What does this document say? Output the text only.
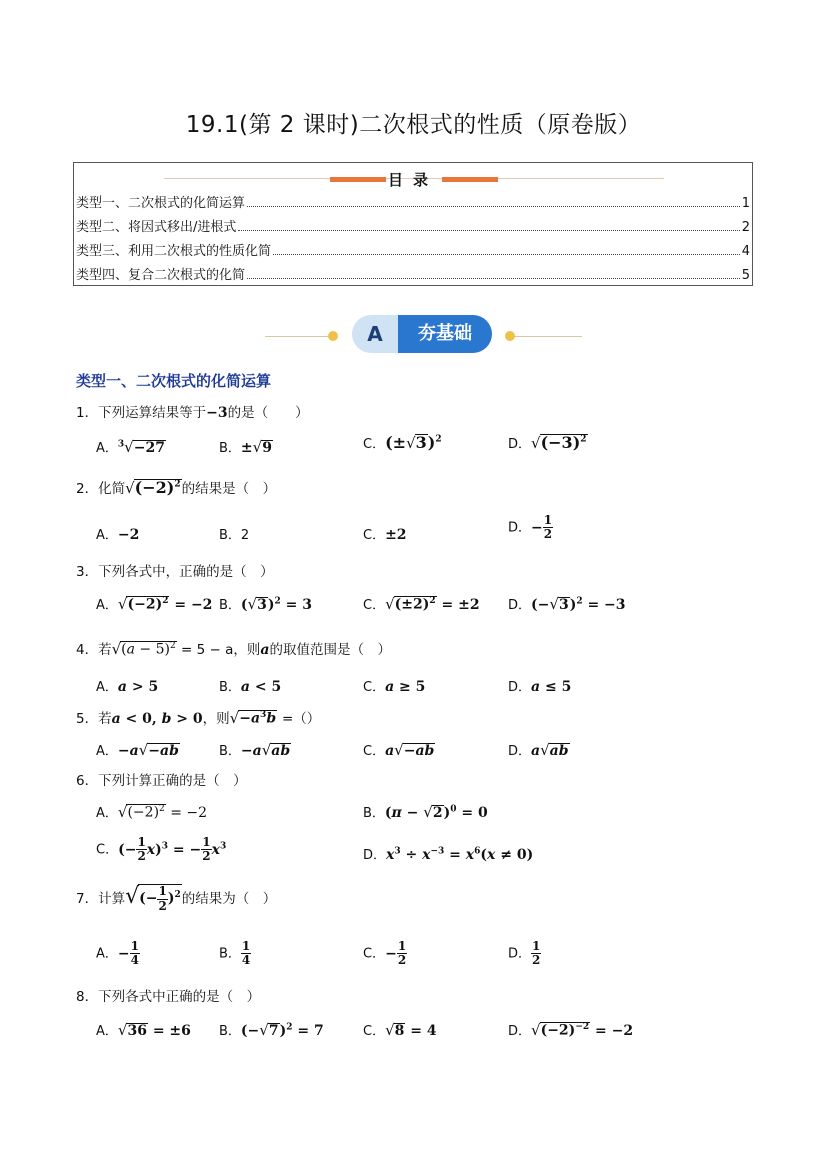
19.1(第 2 课时)二次根式的性质（原卷版）
目录
类型一、二次根式的化简运算	1
类型二、将因式移出/进根式	2
类型三、利用二次根式的性质化简	4
类型四、复合二次根式的化简	5
A	夯基础
类型一、二次根式的化简运算
1．下列运算结果等于−3的是（　　）
A．$^3$√−27	B．±√9	C．$(\pm√3)^2$	D．$√(-3)^2$
2．化简$√(-2)^2$的结果是（　）
A．−2	B．2	C．±2	D．− $\frac{1}{2}$
3．下列各式中，正确的是（　）
A．$√(-2)^2 = -2$ B．$(√3)^2 = 3$	C．$√(\pm 2)^2 = \pm 2$ D．$(-√3)^2 = -3$
4．若$√(a - 5)^2 = 5 - a$，则a的取值范围是（　）
A．a > 5	B．a < 5	C．a ≥ 5	D．a ≤ 5
5．若a < 0, b > 0，则$√-a^3b$ =（）
A．−a√−ab	B．−a√ab	C．a√−ab	D．a√ab
6．下列计算正确的是（　）
A．$√(-2)^2 = -2$	B．$(\pi - √2)^0 = 0$
C．(− $\frac{1}{2} x)^3$ = − $\frac{1}{2} x^3$
D．$x^3 \div x^{-3} = x^6(x \ne 0)$
7．计算√(− $\frac{1}{2} )^2$的结果为（　）
A．− $\frac{1}{4}$	B． $\frac{1}{4}$	C．− $\frac{1}{2}$	D． $\frac{1}{2}$
8．下列各式中正确的是（　）
A．√36 = ±6 B．$(-√7)^2 = 7$	C．√8 = 4	D．$√(-2)^{-2} = -2$
